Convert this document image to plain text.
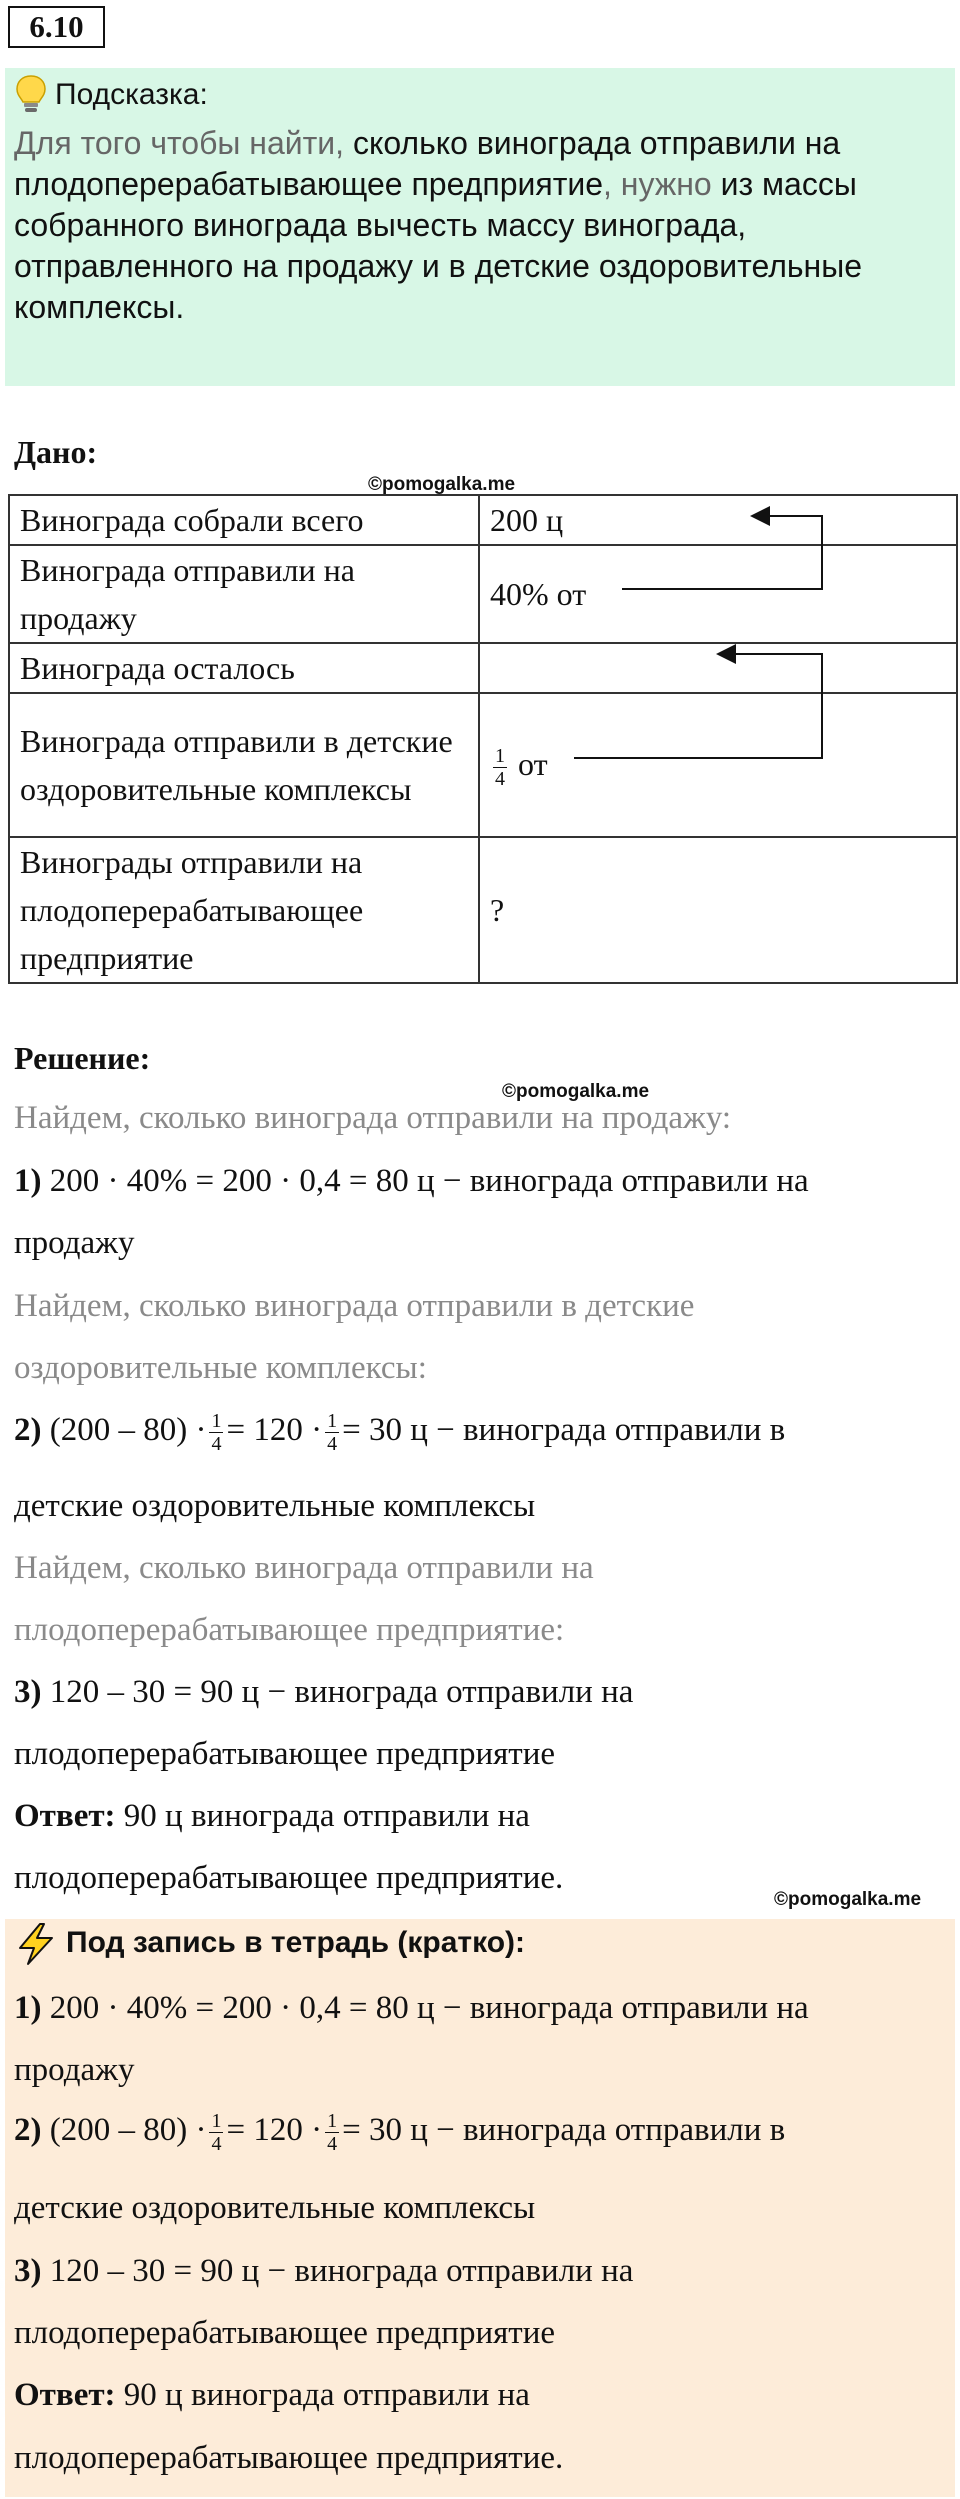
6.10
Подсказка:
Для того чтобы найти, сколько винограда отправили на плодоперерабатывающее предприятие, нужно из массы собранного винограда вычесть массу винограда, отправленного на продажу и в детские оздоровительные комплексы.
Дано:
©pomogalka.me
Винограда собрали всего	200 ц
Винограда отправили на продажу	40% от
Винограда осталось	
Винограда отправили в детские оздоровительные комплексы	$\frac{1}{4}$ от
Винограды отправили на плодоперерабатывающее предприятие	?
Решение:
©pomogalka.me
Найдем, сколько винограда отправили на продажу:
1) 200 · 40% = 200 · 0,4 = 80 ц − винограда отправили на
продажу
Найдем, сколько винограда отправили в детские
оздоровительные комплексы:
2) $(200 - 80) \cdot \frac{1}{4} = 120 \cdot \frac{1}{4} = 30$ ц − винограда отправили в
детские оздоровительные комплексы
Найдем, сколько винограда отправили на
плодоперерабатывающее предприятие:
3) 120 – 30 = 90 ц − винограда отправили на
плодоперерабатывающее предприятие
Ответ: 90 ц винограда отправили на
плодоперерабатывающее предприятие.
©pomogalka.me
Под запись в тетрадь (кратко):
1) 200 · 40% = 200 · 0,4 = 80 ц − винограда отправили на
продажу
2) $(200 - 80) \cdot \frac{1}{4} = 120 \cdot \frac{1}{4} = 30$ ц − винограда отправили в
детские оздоровительные комплексы
3) 120 – 30 = 90 ц − винограда отправили на
плодоперерабатывающее предприятие
Ответ: 90 ц винограда отправили на
плодоперерабатывающее предприятие.
